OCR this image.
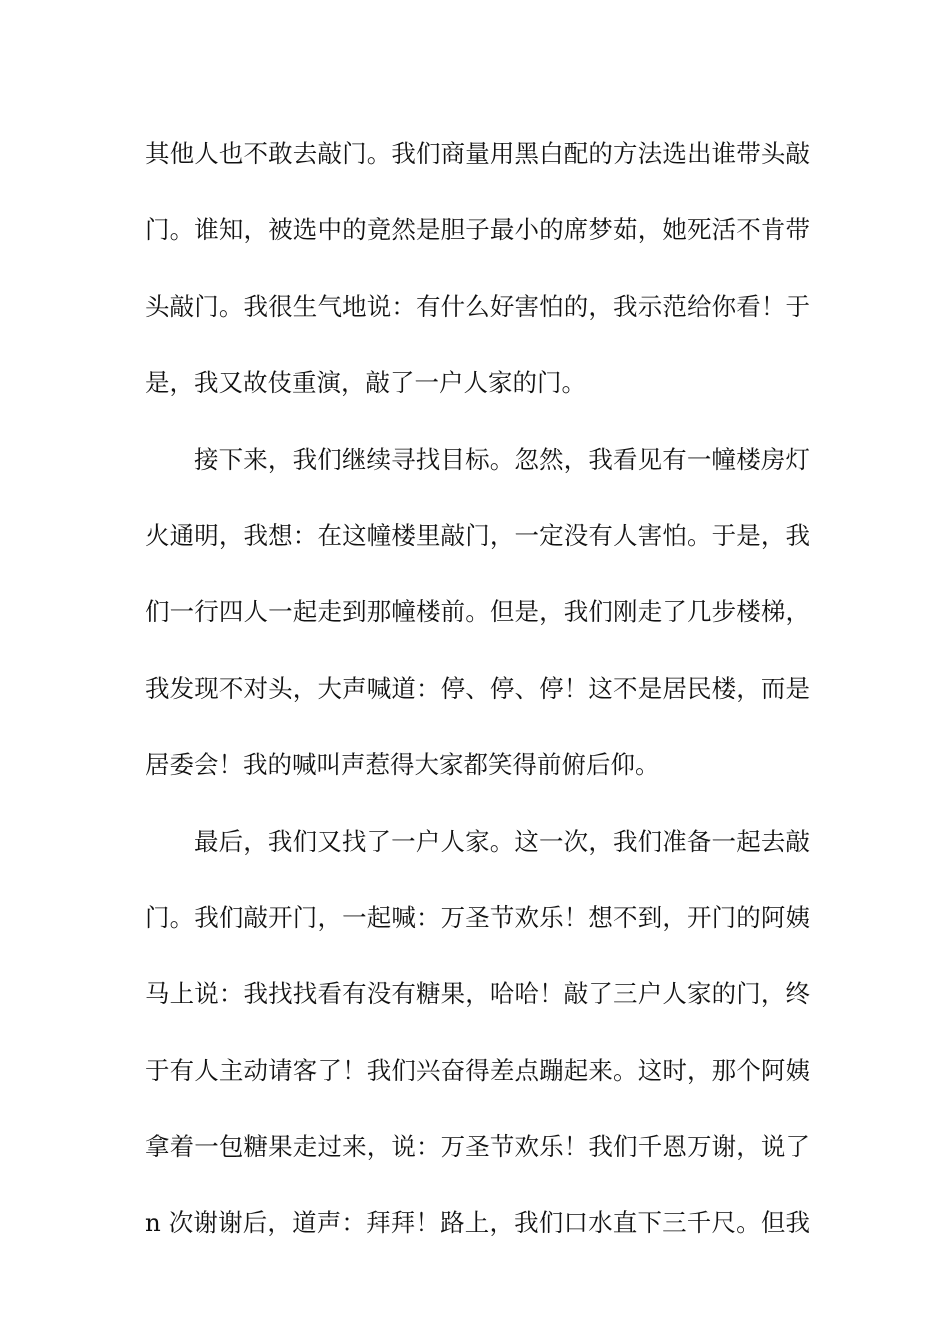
其他人也不敢去敲门。我们商量用黑白配的方法选出谁带头敲
门。谁知，被选中的竟然是胆子最小的席梦茹，她死活不肯带
头敲门。我很生气地说：有什么好害怕的，我示范给你看！于
是，我又故伎重演，敲了一户人家的门。
接下来，我们继续寻找目标。忽然，我看见有一幢楼房灯
火通明，我想：在这幢楼里敲门，一定没有人害怕。于是，我
们一行四人一起走到那幢楼前。但是，我们刚走了几步楼梯，
我发现不对头，大声喊道：停、停、停！这不是居民楼，而是
居委会！我的喊叫声惹得大家都笑得前俯后仰。
最后，我们又找了一户人家。这一次，我们准备一起去敲
门。我们敲开门，一起喊：万圣节欢乐！想不到，开门的阿姨
马上说：我找找看有没有糖果，哈哈！敲了三户人家的门，终
于有人主动请客了！我们兴奋得差点蹦起来。这时，那个阿姨
拿着一包糖果走过来，说：万圣节欢乐！我们千恩万谢，说了
n 次谢谢后，道声：拜拜！路上，我们口水直下三千尺。但我
